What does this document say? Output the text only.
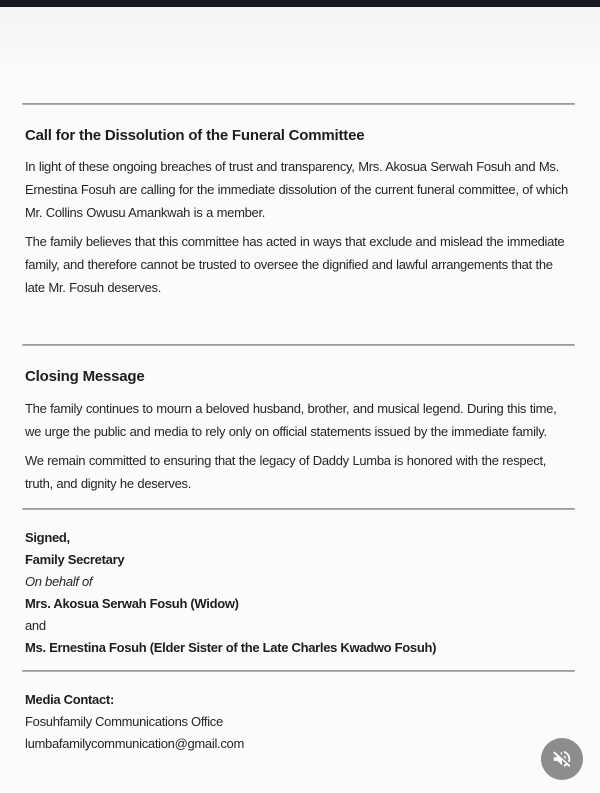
Call for the Dissolution of the Funeral Committee

In light of these ongoing breaches of trust and transparency, Mrs. Akosua Serwah Fosuh and Ms. Ernestina Fosuh are calling for the immediate dissolution of the current funeral committee, of which Mr. Collins Owusu Amankwah is a member.

The family believes that this committee has acted in ways that exclude and mislead the immediate family, and therefore cannot be trusted to oversee the dignified and lawful arrangements that the late Mr. Fosuh deserves.

Closing Message

The family continues to mourn a beloved husband, brother, and musical legend. During this time, we urge the public and media to rely only on official statements issued by the immediate family.

We remain committed to ensuring that the legacy of Daddy Lumba is honored with the respect, truth, and dignity he deserves.

Signed,
Family Secretary
On behalf of
Mrs. Akosua Serwah Fosuh (Widow)
and
Ms. Ernestina Fosuh (Elder Sister of the Late Charles Kwadwo Fosuh)
Media Contact:
Fosuhfamily Communications Office
lumbafamilycommunication@gmail.com
